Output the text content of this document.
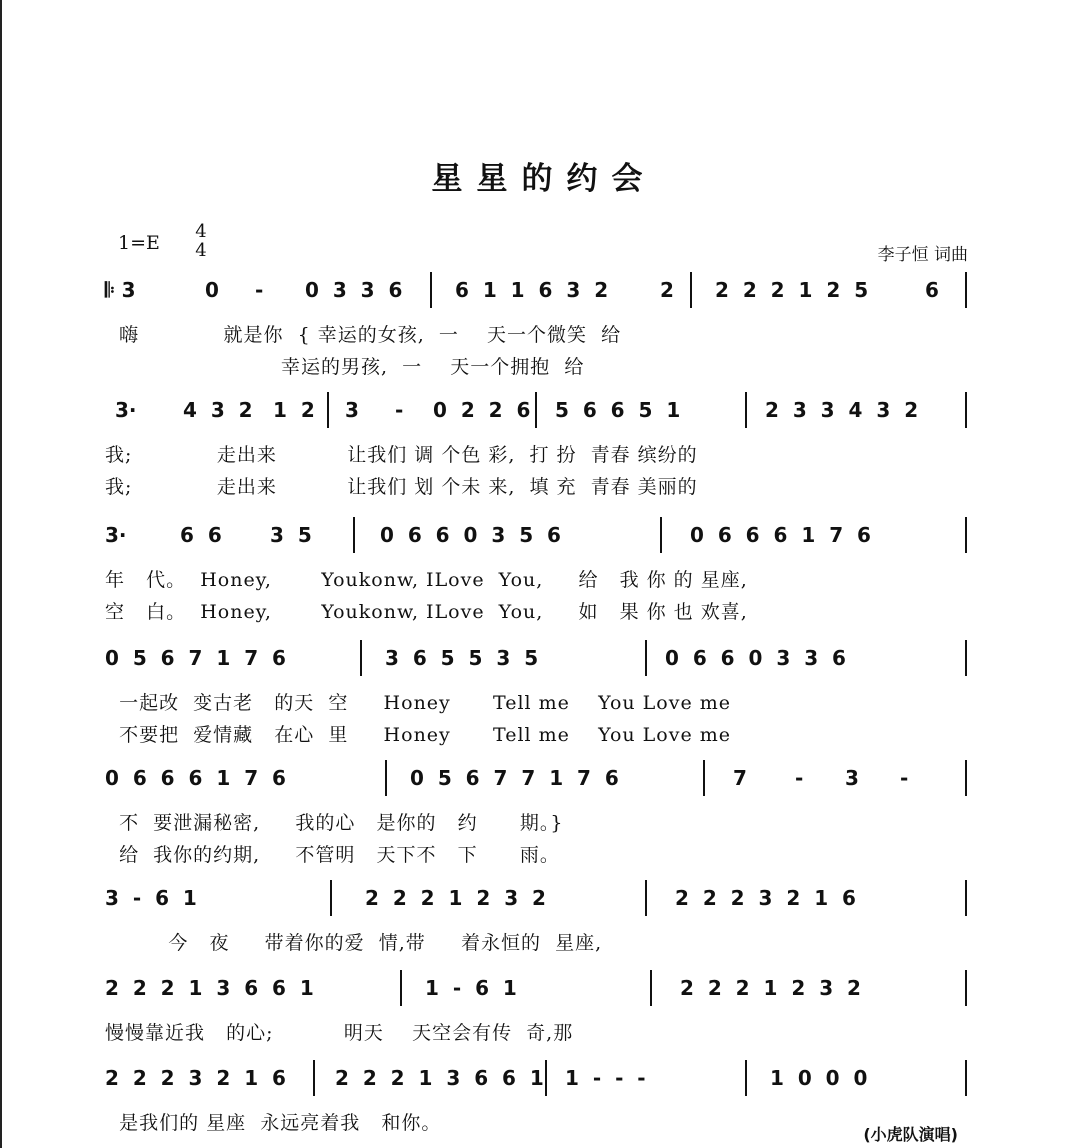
星星的约会
1=E
4
4	李子恒 词曲
𝄆 3	0 - 0  3  3  6	6  1  1  6  3  2	2 2  2  2  1  2  5	6
嗨            就是你  { 幸运的女孩,  一    天一个微笑  给
幸运的男孩,  一    天一个拥抱  给
3· 4  3  2 1  2 3 - 0  2  2  6 5  6  6  5  1	2  3  3  4  3  2
我;            走出来          让我们 调 个色 彩,  打 扮  青春 缤纷的
我;            走出来          让我们 划 个未 来,  填 充  青春 美丽的
3·	6  6 3  5	0  6  6  0  3  5  6	0  6  6  6  1  7  6
年   代。  Honey,       Youkonw, ILove  You,     给   我 你 的 星座,
空   白。  Honey,       Youkonw, ILove  You,     如   果 你 也 欢喜,
0  5  6  7  1  7  6	3  6  5  5  3  5	0  6  6  0  3  3  6
一起改  变古老   的天  空     Honey      Tell me    You Love me
不要把  爱情藏   在心  里     Honey      Tell me    You Love me
0  6  6  6  1  7  6	0  5  6  7  7  1  7  6	7 - 3 -
不  要泄漏秘密,     我的心   是你的   约      期。}
给  我你的约期,     不管明   天下不   下      雨。
3  -  6  1	2  2  2  1  2  3  2	2  2  2  3  2  1  6
今   夜     带着你的爱  情,带     着永恒的  星座,
2  2  2  1  3  6  6  1	1  -  6  1	2  2  2  1  2  3  2
慢慢靠近我   的心;          明天    天空会有传  奇,那
2  2  2  3  2  1  6 2  2  2  1  3  6  6  1 1  -  -  -	1  0  0  0
是我们的 星座  永远亮着我   和你。
(小虎队演唱)
